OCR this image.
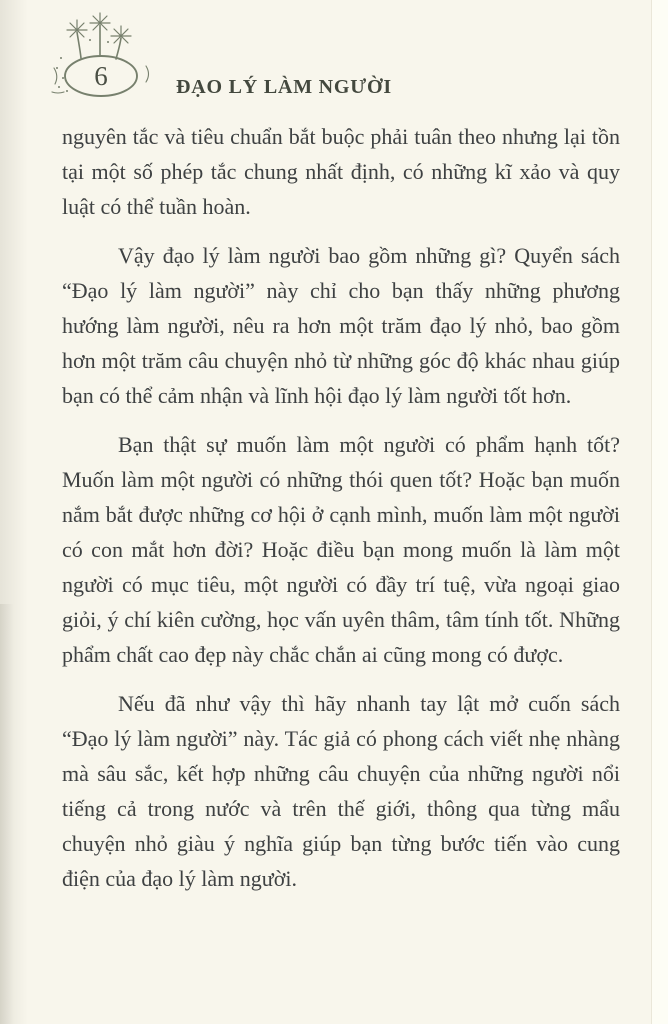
6	ĐẠO LÝ LÀM NGƯỜI

nguyên tắc và tiêu chuẩn bắt buộc phải tuân theo nhưng lại tồn tại một số phép tắc chung nhất định, có những kĩ xảo và quy luật có thể tuần hoàn.

Vậy đạo lý làm người bao gồm những gì? Quyển sách “Đạo lý làm người” này chỉ cho bạn thấy những phương hướng làm người, nêu ra hơn một trăm đạo lý nhỏ, bao gồm hơn một trăm câu chuyện nhỏ từ những góc độ khác nhau giúp bạn có thể cảm nhận và lĩnh hội đạo lý làm người tốt hơn.

Bạn thật sự muốn làm một người có phẩm hạnh tốt? Muốn làm một người có những thói quen tốt? Hoặc bạn muốn nắm bắt được những cơ hội ở cạnh mình, muốn làm một người có con mắt hơn đời? Hoặc điều bạn mong muốn là làm một người có mục tiêu, một người có đầy trí tuệ, vừa ngoại giao giỏi, ý chí kiên cường, học vấn uyên thâm, tâm tính tốt. Những phẩm chất cao đẹp này chắc chắn ai cũng mong có được.

Nếu đã như vậy thì hãy nhanh tay lật mở cuốn sách “Đạo lý làm người” này. Tác giả có phong cách viết nhẹ nhàng mà sâu sắc, kết hợp những câu chuyện của những người nổi tiếng cả trong nước và trên thế giới, thông qua từng mẩu chuyện nhỏ giàu ý nghĩa giúp bạn từng bước tiến vào cung điện của đạo lý làm người.
